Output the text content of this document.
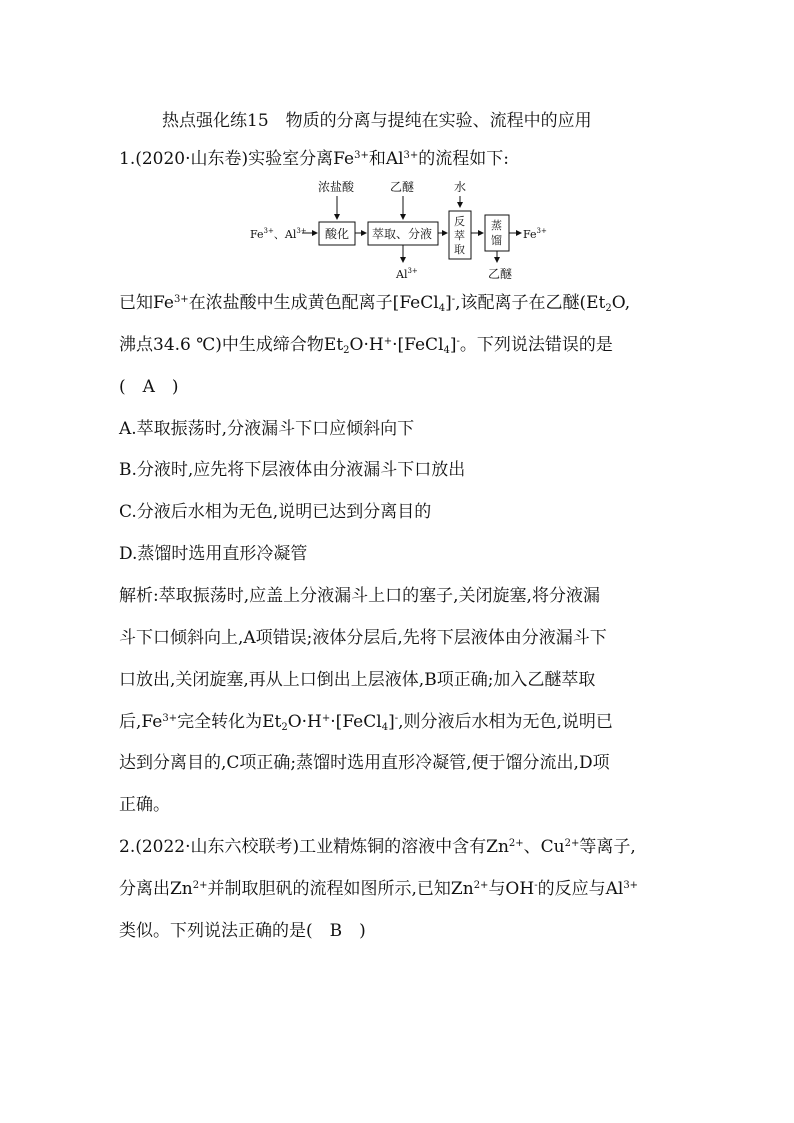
热点强化练15　物质的分离与提纯在实验、流程中的应用
1.(2020·山东卷)实验室分离$Fe^{3+}$和$Al^{3+}$的流程如下:
浓盐酸	乙醚	水
$Fe^{3+}$、$Al^{3+}$ 酸化 萃取、分液
$Al^{3+}$
反
萃
取
蒸
馏 $Fe^{3+}$
乙醚
已知$Fe^{3+}$在浓盐酸中生成黄色配离子[FeCl$_4$]-,该配离子在乙醚($Et_2O$,
沸点34.6 ℃)中生成缔合物$Et_2O\cdot H^+\cdot[FeCl_4]^-$。下列说法错误的是
(　A　)
A.萃取振荡时,分液漏斗下口应倾斜向下
B.分液时,应先将下层液体由分液漏斗下口放出
C.分液后水相为无色,说明已达到分离目的
D.蒸馏时选用直形冷凝管
解析:萃取振荡时,应盖上分液漏斗上口的塞子,关闭旋塞,将分液漏
斗下口倾斜向上,A项错误;液体分层后,先将下层液体由分液漏斗下
口放出,关闭旋塞,再从上口倒出上层液体,B项正确;加入乙醚萃取
后$,Fe^{3+}$完全转化为$Et_2O\cdot H^+\cdot[FeCl_4]^-$,则分液后水相为无色,说明已
达到分离目的,C项正确;蒸馏时选用直形冷凝管,便于馏分流出,D项
正确。
2.(2022·山东六校联考)工业精炼铜的溶液中含有$Zn^{2+}$、$Cu^{2+}$等离子,
分离出$Zn^{2+}$并制取胆矾的流程如图所示,已知$Zn^{2+}$与OH-的反应与$Al^{3+}$
类似。下列说法正确的是(　B　)
